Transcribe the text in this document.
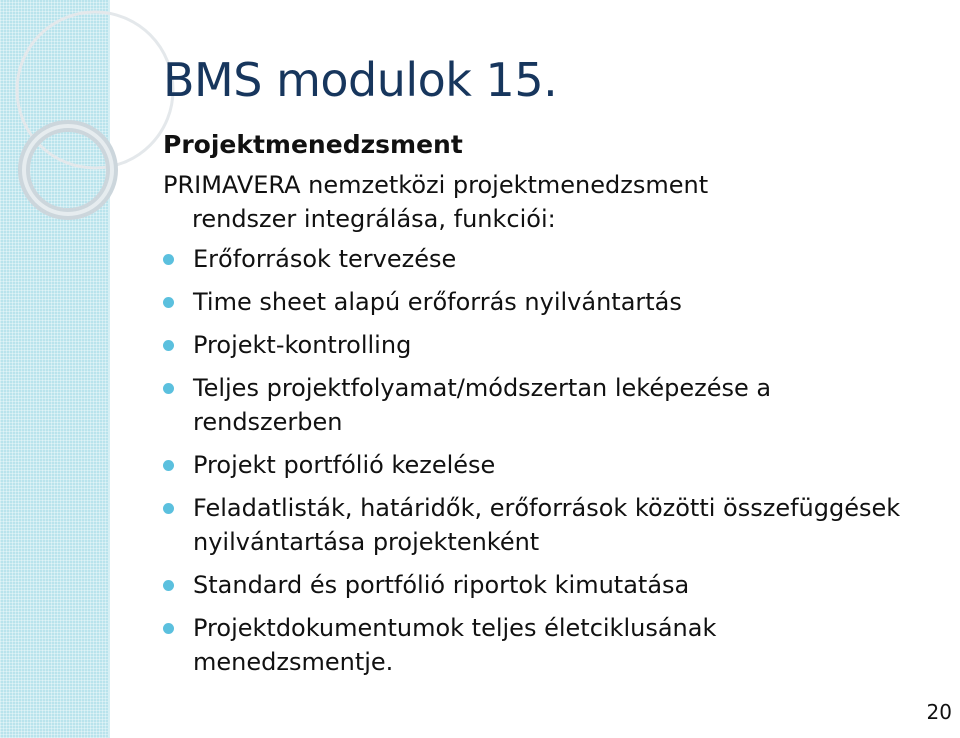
BMS modulok 15.
Projektmenedzsment
PRIMAVERA nemzetközi projektmenedzsment
rendszer integrálása, funkciói:
Erőforrások tervezése
Time sheet alapú erőforrás nyilvántartás
Projekt-kontrolling
Teljes projektfolyamat/módszertan leképezése a rendszerben
Projekt portfólió kezelése
Feladatlisták, határidők, erőforrások közötti összefüggések nyilvántartása projektenként
Standard és portfólió riportok kimutatása
Projektdokumentumok teljes életciklusának menedzsmentje.
20
